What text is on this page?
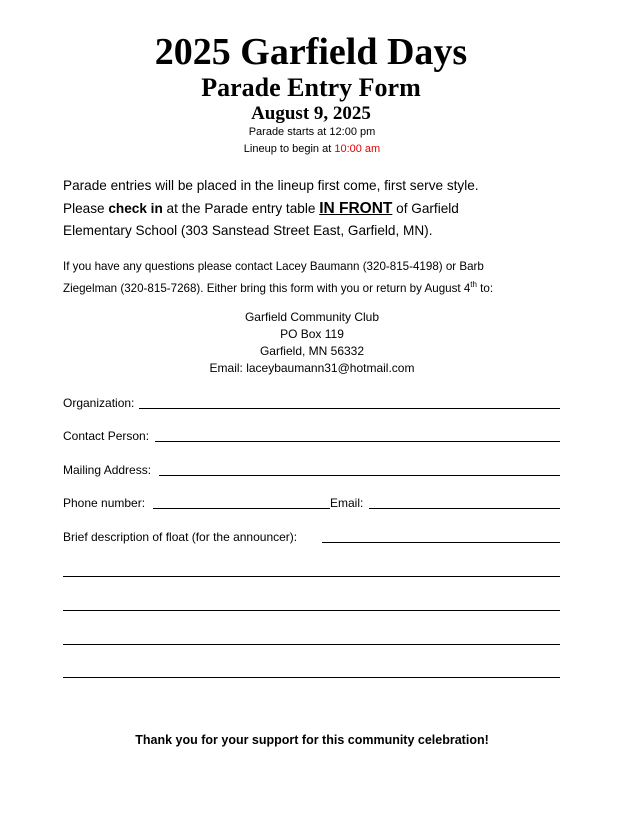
2025 Garfield Days
Parade Entry Form
August 9, 2025
Parade starts at 12:00 pm
Lineup to begin at 10:00 am
Parade entries will be placed in the lineup first come, first serve style.
Please check in at the Parade entry table IN FRONT of Garfield
Elementary School (303 Sanstead Street East, Garfield, MN).
If you have any questions please contact Lacey Baumann (320-815-4198) or Barb
Ziegelman (320-815-7268). Either bring this form with you or return by August 4th to:
Garfield Community Club
PO Box 119
Garfield, MN 56332
Email: laceybaumann31@hotmail.com
Organization:
Contact Person:
Mailing Address:
Phone number:	Email:
Brief description of float (for the announcer):
Thank you for your support for this community celebration!
